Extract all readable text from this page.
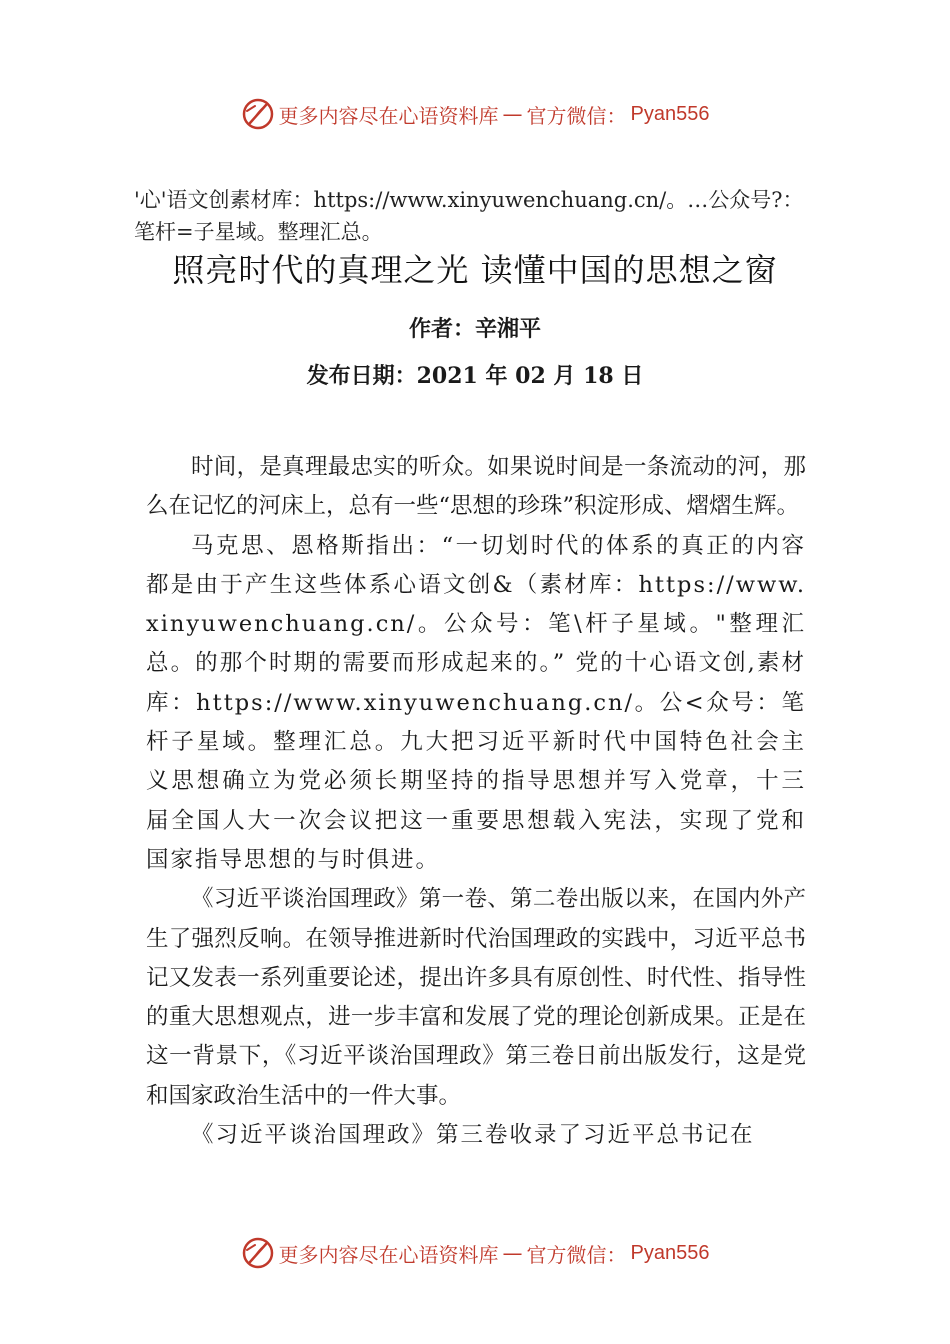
更多内容尽在心语资料库 — 官方微信： Pyan556
'心'语文创素材库：https://www.xinyuwenchuang.cn/。…公众号?：笔杆=子星域。整理汇总。
照亮时代的真理之光 读懂中国的思想之窗
作者：辛湘平
发布日期：2021 年 02 月 18 日

时间，是真理最忠实的听众。如果说时间是一条流动的河，那么在记忆的河床上，总有一些“思想的珍珠”积淀形成、熠熠生辉。

马克思、恩格斯指出：“一切划时代的体系的真正的内容都是由于产生这些体系心语文创&（素材库：https://www.xinyuwenchuang.cn/。公众号：笔\杆子星域。"整理汇总。的那个时期的需要而形成起来的。” 党的十心语文创,素材库：https://www.xinyuwenchuang.cn/。公<众号：笔杆子星域。整理汇总。九大把习近平新时代中国特色社会主义思想确立为党必须长期坚持的指导思想并写入党章，十三届全国人大一次会议把这一重要思想载入宪法，实现了党和国家指导思想的与时俱进。

《习近平谈治国理政》第一卷、第二卷出版以来，在国内外产生了强烈反响。在领导推进新时代治国理政的实践中，习近平总书记又发表一系列重要论述，提出许多具有原创性、时代性、指导性的重大思想观点，进一步丰富和发展了党的理论创新成果。正是在这一背景下，《习近平谈治国理政》第三卷日前出版发行，这是党和国家政治生活中的一件大事。

《习近平谈治国理政》第三卷收录了习近平总书记在

更多内容尽在心语资料库 — 官方微信： Pyan556
